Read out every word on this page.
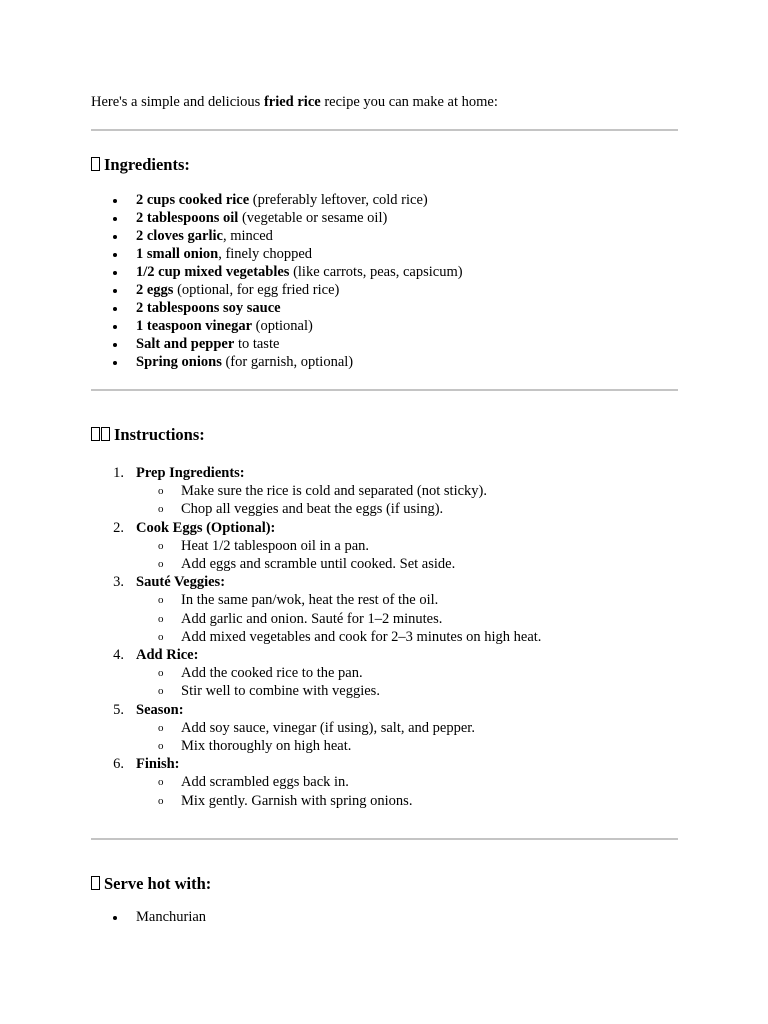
Here's a simple and delicious fried rice recipe you can make at home:

Ingredients:
2 cups cooked rice (preferably leftover, cold rice)
2 tablespoons oil (vegetable or sesame oil)
2 cloves garlic, minced
1 small onion, finely chopped
1/2 cup mixed vegetables (like carrots, peas, capsicum)
2 eggs (optional, for egg fried rice)
2 tablespoons soy sauce
1 teaspoon vinegar (optional)
Salt and pepper to taste
Spring onions (for garnish, optional)
Instructions:
1. Prep Ingredients:
o Make sure the rice is cold and separated (not sticky).
o Chop all veggies and beat the eggs (if using).
2. Cook Eggs (Optional):
o Heat 1/2 tablespoon oil in a pan.
o Add eggs and scramble until cooked. Set aside.
3. Sauté Veggies:
o In the same pan/wok, heat the rest of the oil.
o Add garlic and onion. Sauté for 1–2 minutes.
o Add mixed vegetables and cook for 2–3 minutes on high heat.
4. Add Rice:
o Add the cooked rice to the pan.
o Stir well to combine with veggies.
5. Season:
o Add soy sauce, vinegar (if using), salt, and pepper.
o Mix thoroughly on high heat.
6. Finish:
o Add scrambled eggs back in.
o Mix gently. Garnish with spring onions.
Serve hot with:
Manchurian
